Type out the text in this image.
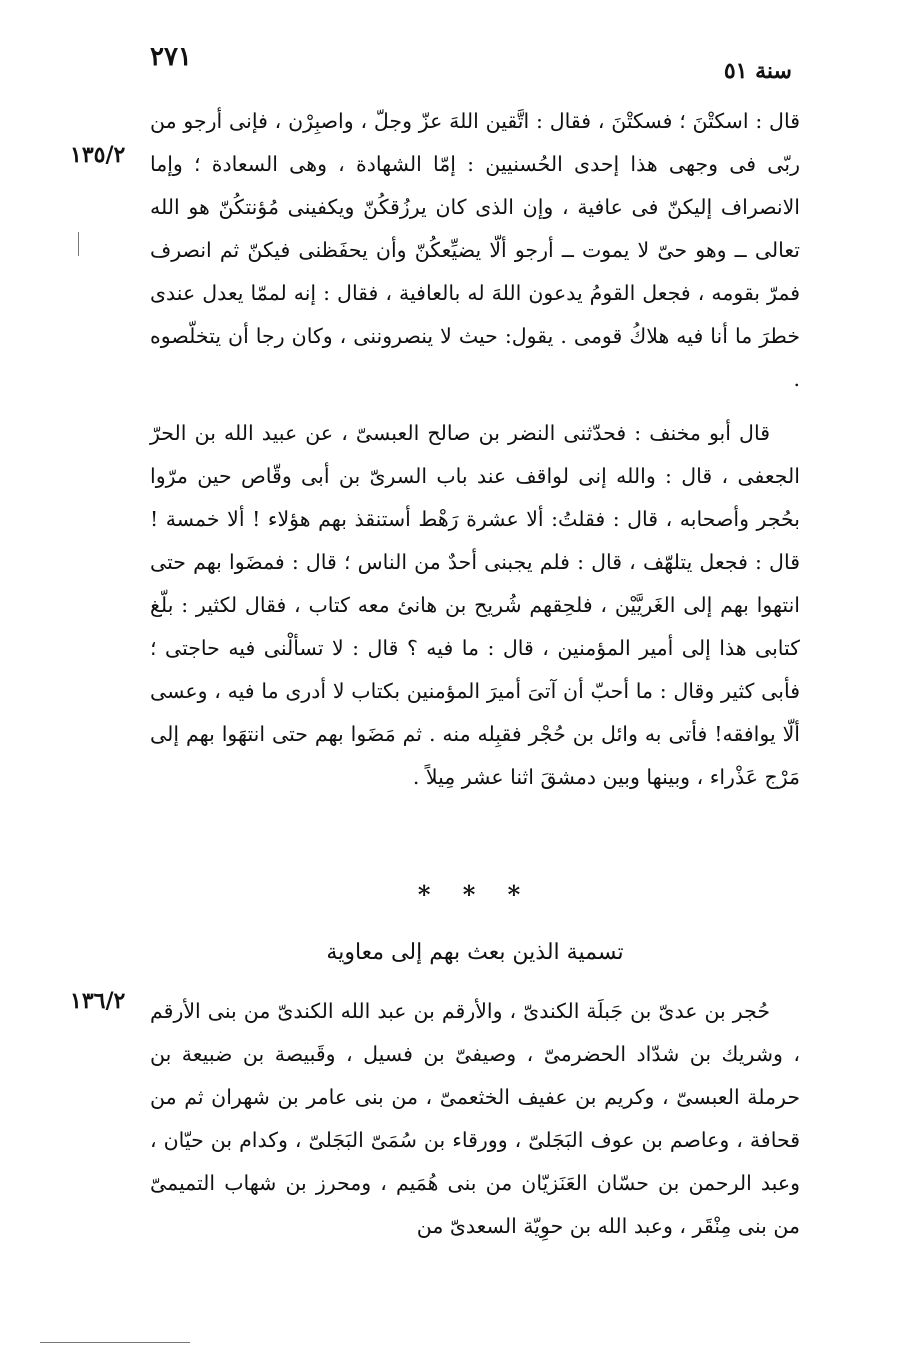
٢٧١	سنة ٥١
١٣٥/٢

قال : اسكتْنَ ؛ فسكتْنَ ، فقال : اتَّقين اللهَ عزّ وجلّ ، واصبِرْن ، فإنى أرجو من ربّى فى وجهى هذا إحدى الحُسنيين : إمّا الشهادة ، وهى السعادة ؛ وإما الانصراف إليكنّ فى عافية ، وإن الذى كان يرزُقكُنّ ويكفينى مُؤنتكُنّ هو الله تعالى ــ وهو حىّ لا يموت ــ أرجو ألّا يضيِّعكُنّ وأن يحفَظنى فيكنّ ثم انصرف فمرّ بقومه ، فجعل القومُ يدعون اللهَ له بالعافية ، فقال : إنه لممّا يعدل عندى خطرَ ما أنا فيه هلاكُ قومى . يقول: حيث لا ينصروننى ، وكان رجا أن يتخلّصوه .

قال أبو مخنف : فحدّثنى النضر بن صالح العبسىّ ، عن عبيد الله بن الحرّ الجعفى ، قال : والله إنى لواقف عند باب السرىّ بن أبى وقّاص حين مرّوا بحُجر وأصحابه ، قال : فقلتُ: ألا عشرة رَهْط أستنقذ بهم هؤلاء ! ألا خمسة ! قال : فجعل يتلهّف ، قال : فلم يجبنى أحدٌ من الناس ؛ قال : فمضَوا بهم حتى انتهوا بهم إلى الغَريَّيْن ، فلحِقهم شُريح بن هانئ معه كتاب ، فقال لكثير : بلّغ كتابى هذا إلى أمير المؤمنين ، قال : ما فيه ؟ قال : لا تسألْنى فيه حاجتى ؛ فأبى كثير وقال : ما أحبّ أن آتىَ أميرَ المؤمنين بكتاب لا أدرى ما فيه ، وعسى ألّا يوافقه! فأتى به وائل بن حُجْر فقبِله منه . ثم مَضَوا بهم حتى انتهَوا بهم إلى مَرْج عَذْراء ، وبينها وبين دمشقَ اثنا عشر مِيلاً .

* * *
تسمية الذين بعث بهم إلى معاوية
١٣٦/٢ حُجر بن عدىّ بن جَبلَة الكندىّ ، والأرقم بن عبد الله الكندىّ من بنى الأرقم ، وشريك بن شدّاد الحضرمىّ ، وصيفىّ بن فسيل ، وقَبيصة بن ضبيعة بن حرملة العبسىّ ، وكريم بن عفيف الخثعمىّ ، من بنى عامر بن شهران ثم من قحافة ، وعاصم بن عوف البَجَلىّ ، وورقاء بن سُمَىّ البَجَلىّ ، وكدام بن حيّان ، وعبد الرحمن بن حسّان العَنَزيّان من بنى هُمَيم ، ومحرز بن شهاب التميمىّ من بنى مِنْقَر ، وعبد الله بن حوِيّة السعدىّ من
